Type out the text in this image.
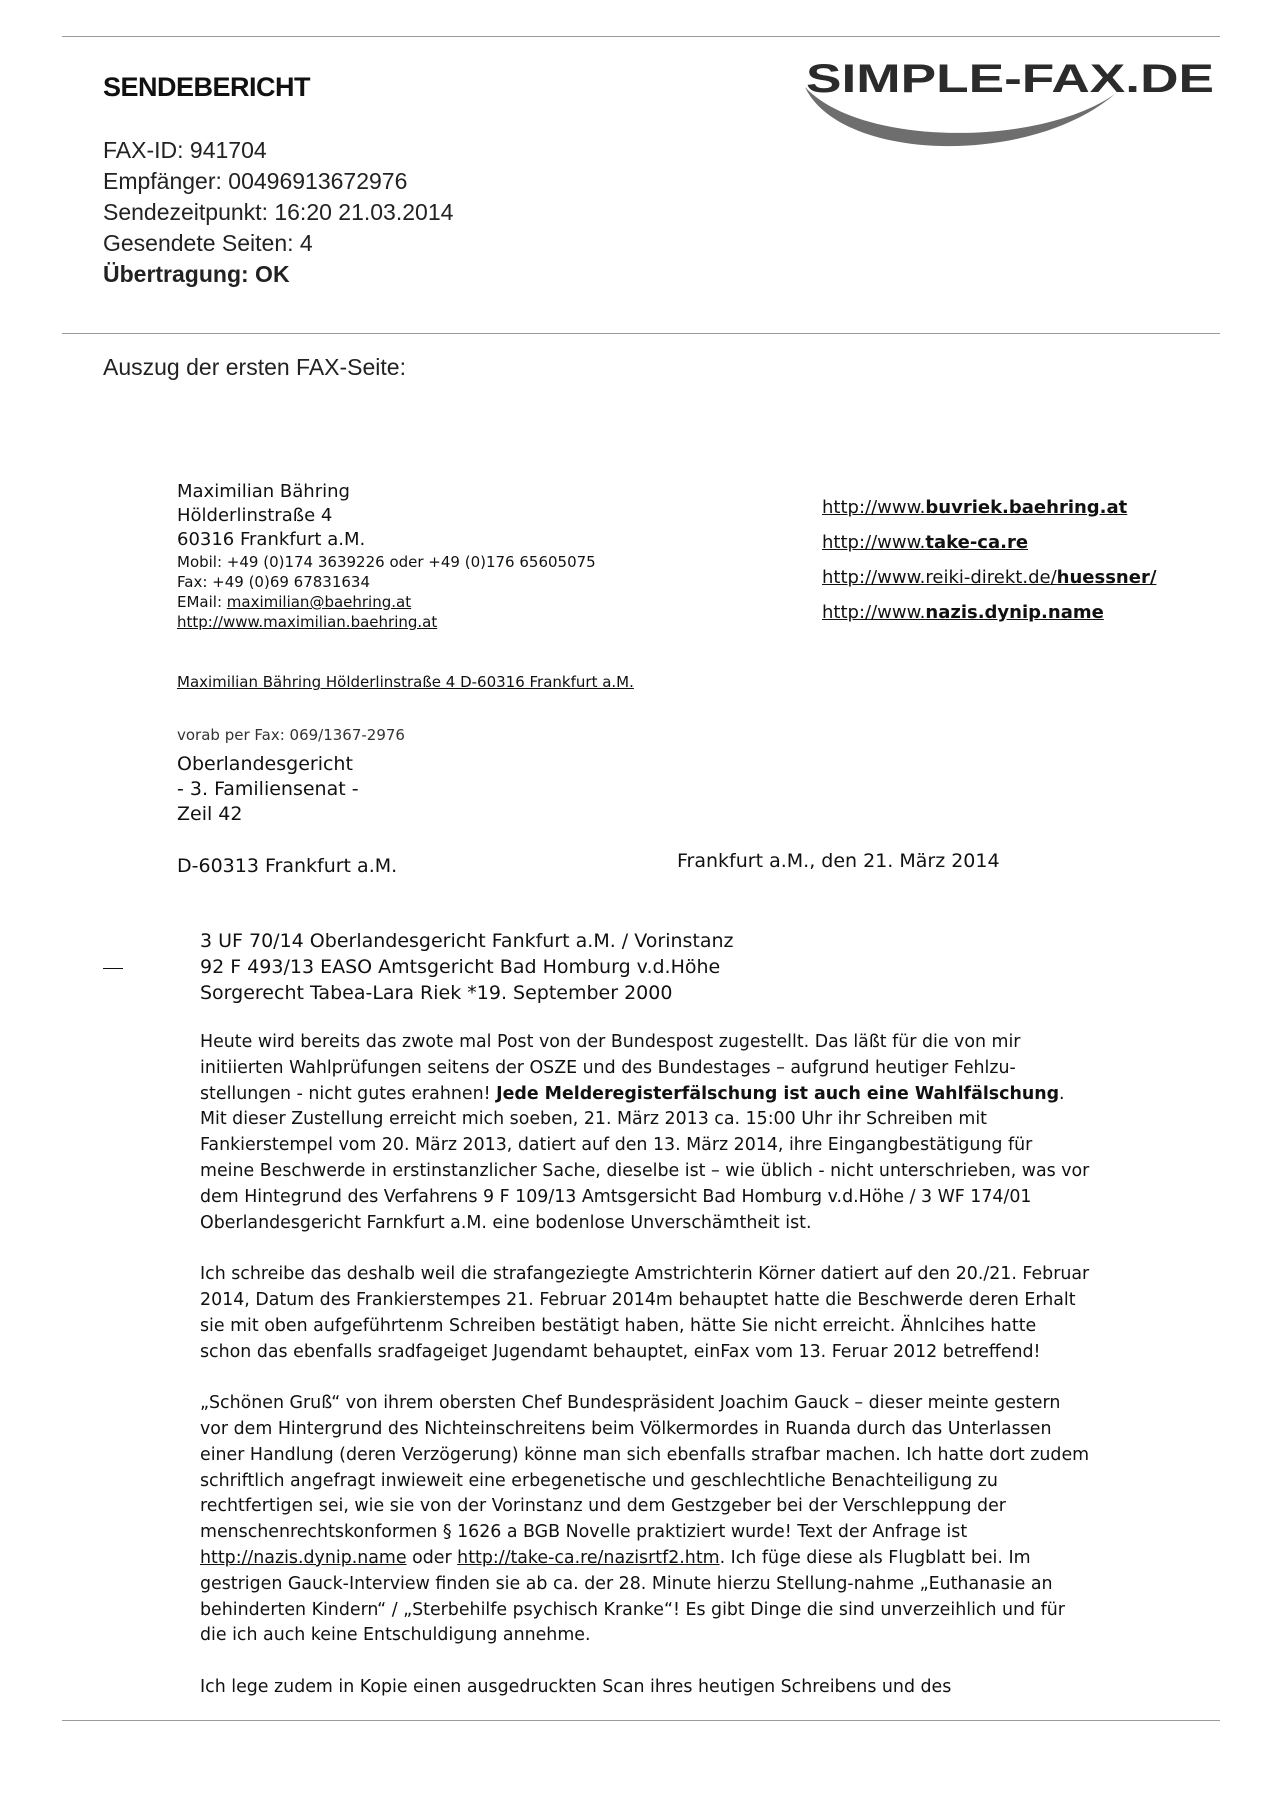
SENDEBERICHT	SIMPLE-FAX.DE
FAX-ID: 941704
Empfänger: 00496913672976
Sendezeitpunkt: 16:20 21.03.2014
Gesendete Seiten: 4
Übertragung: OK
Auszug der ersten FAX-Seite:
Maximilian Bähring
Hölderlinstraße 4
60316 Frankfurt a.M.
Mobil: +49 (0)174 3639226 oder +49 (0)176 65605075
Fax: +49 (0)69 67831634
EMail: maximilian@baehring.at
http://www.maximilian.baehring.at
http://www.buvriek.baehring.at
http://www.take-ca.re
http://www.reiki-direkt.de/huessner/
http://www.nazis.dynip.name
Maximilian Bähring Hölderlinstraße 4 D-60316 Frankfurt a.M.
vorab per Fax: 069/1367-2976
Oberlandesgericht
- 3. Familiensenat -
Zeil 42
D-60313 Frankfurt a.M.	Frankfurt a.M., den 21. März 2014
3 UF 70/14 Oberlandesgericht Fankfurt a.M. / Vorinstanz
92 F 493/13 EASO Amtsgericht Bad Homburg v.d.Höhe
Sorgerecht Tabea-Lara Riek *19. September 2000

Heute wird bereits das zwote mal Post von der Bundespost zugestellt. Das läßt für die von mir initiierten Wahlprüfungen seitens der OSZE und des Bundestages – aufgrund heutiger Fehlzu-stellungen - nicht gutes erahnen! Jede Melderegisterfälschung ist auch eine Wahlfälschung. Mit dieser Zustellung erreicht mich soeben, 21. März 2013 ca. 15:00 Uhr ihr Schreiben mit Fankierstempel vom 20. März 2013, datiert auf den 13. März 2014, ihre Eingangbestätigung für meine Beschwerde in erstinstanzlicher Sache, dieselbe ist – wie üblich - nicht unterschrieben, was vor dem Hintegrund des Verfahrens 9 F 109/13 Amtsgersicht Bad Homburg v.d.Höhe / 3 WF 174/01 Oberlandesgericht Farnkfurt a.M. eine bodenlose Unverschämtheit ist.

Ich schreibe das deshalb weil die strafangeziegte Amstrichterin Körner datiert auf den 20./21. Februar 2014, Datum des Frankierstempes 21. Februar 2014m behauptet hatte die Beschwerde deren Erhalt sie mit oben aufgeführtenm Schreiben bestätigt haben, hätte Sie nicht erreicht. Ähnlcihes hatte schon das ebenfalls sradfageiget Jugendamt behauptet, einFax vom 13. Feruar 2012 betreffend!

„Schönen Gruß“ von ihrem obersten Chef Bundespräsident Joachim Gauck – dieser meinte gestern vor dem Hintergrund des Nichteinschreitens beim Völkermordes in Ruanda durch das Unterlassen einer Handlung (deren Verzögerung) könne man sich ebenfalls strafbar machen. Ich hatte dort zudem schriftlich angefragt inwieweit eine erbegenetische und geschlechtliche Benachteiligung zu rechtfertigen sei, wie sie von der Vorinstanz und dem Gestzgeber bei der Verschleppung der menschenrechtskonformen § 1626 a BGB Novelle praktiziert wurde! Text der Anfrage ist http://nazis.dynip.name oder http://take-ca.re/nazisrtf2.htm. Ich füge diese als Flugblatt bei. Im gestrigen Gauck-Interview finden sie ab ca. der 28. Minute hierzu Stellung-nahme „Euthanasie an behinderten Kindern“ / „Sterbehilfe psychisch Kranke“! Es gibt Dinge die sind unverzeihlich und für die ich auch keine Entschuldigung annehme.

Ich lege zudem in Kopie einen ausgedruckten Scan ihres heutigen Schreibens und des
